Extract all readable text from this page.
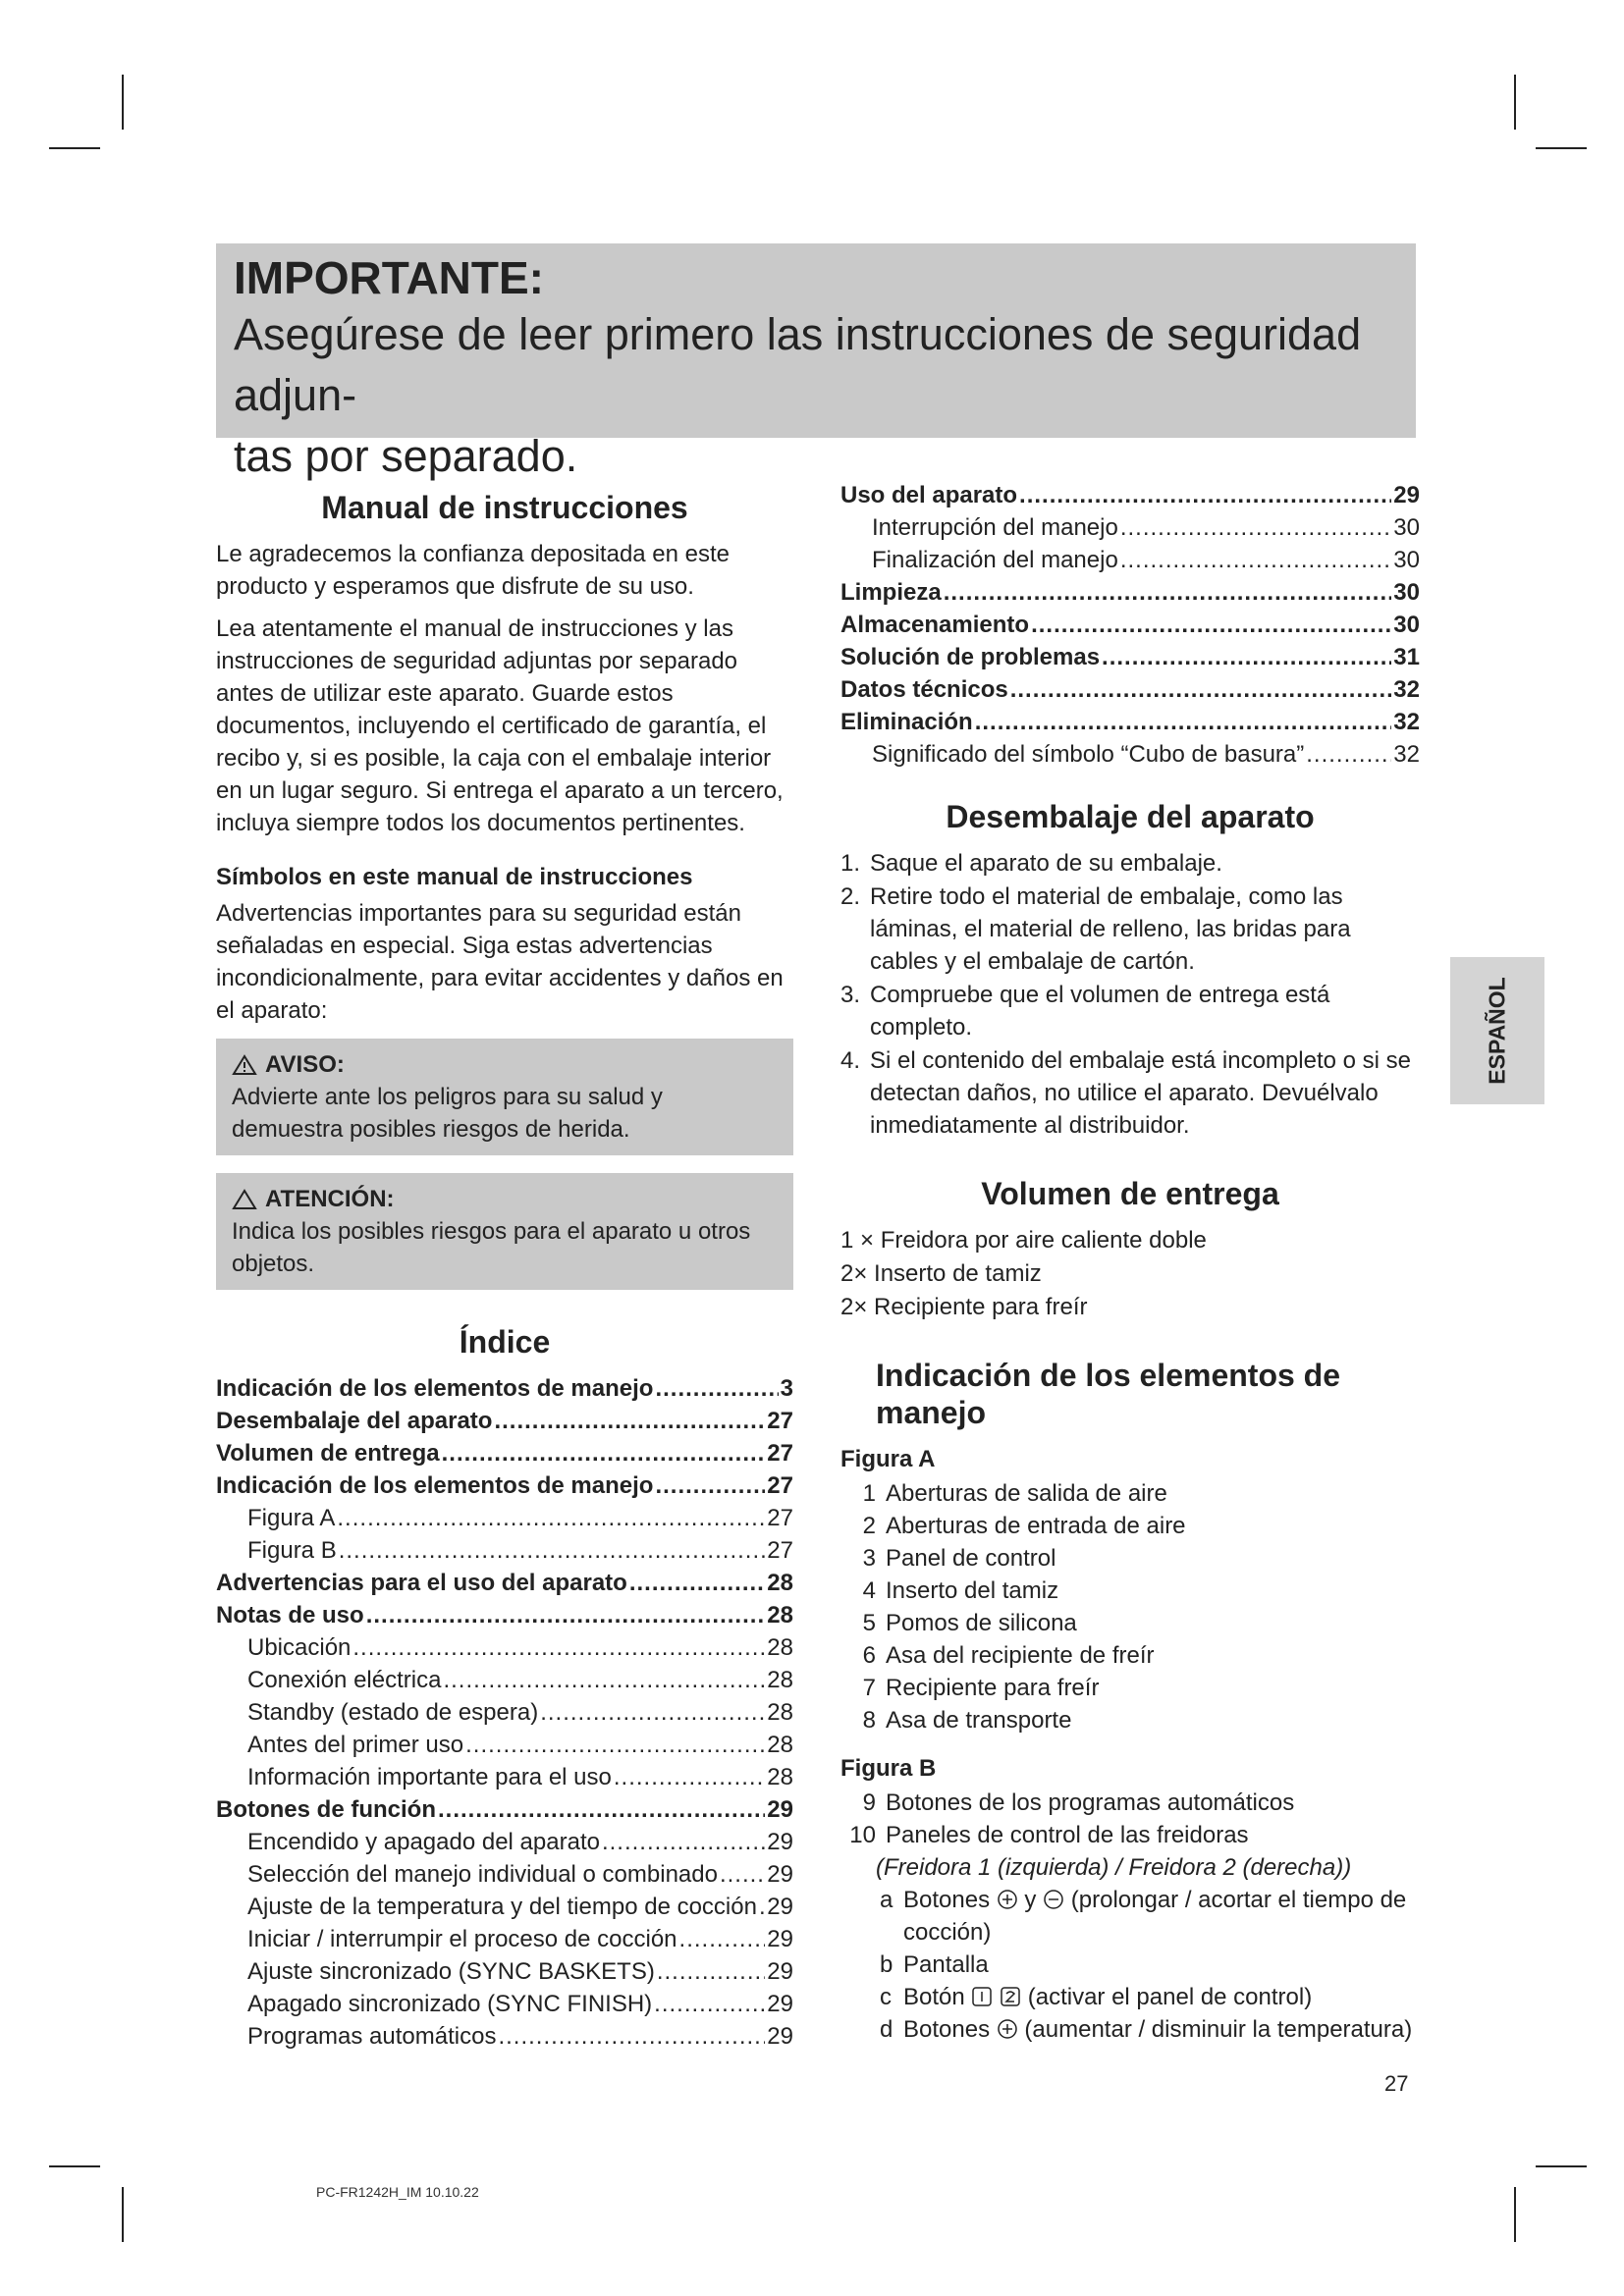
IMPORTANTE:
Asegúrese de leer primero las instrucciones de seguridad adjun-
tas por separado.
Manual de instrucciones

Le agradecemos la confianza depositada en este producto y esperamos que disfrute de su uso.

Lea atentamente el manual de instrucciones y las instrucciones de seguridad adjuntas por separado antes de utilizar este aparato. Guarde estos documentos, incluyendo el certificado de garantía, el recibo y, si es posible, la caja con el embalaje interior en un lugar seguro. Si entrega el aparato a un tercero, incluya siempre todos los documentos pertinentes.

Símbolos en este manual de instrucciones

Advertencias importantes para su seguridad están señaladas en especial. Siga estas advertencias incondicionalmente, para evitar accidentes y daños en el aparato:

AVISO:
Advierte ante los peligros para su salud y demuestra posibles riesgos de herida.
ATENCIÓN:
Indica los posibles riesgos para el aparato u otros objetos.
Índice
Indicación de los elementos de manejo .....	3
Desembalaje del aparato .....	27
Volumen de entrega .....	27
Indicación de los elementos de manejo .....	27
Figura A .....	27
Figura B .....	27
Advertencias para el uso del aparato .....	28
Notas de uso .....	28
Ubicación .....	28
Conexión eléctrica .....	28
Standby (estado de espera) .....	28
Antes del primer uso .....	28
Información importante para el uso .....	28
Botones de función .....	29
Encendido y apagado del aparato .....	29
Selección del manejo individual o combinado ..... 29
Ajuste de la temperatura y del tiempo de cocción ..... 29
Iniciar / interrumpir el proceso de cocción .....	29
Ajuste sincronizado (SYNC BASKETS) .....	29
Apagado sincronizado (SYNC FINISH) .....	29
Programas automáticos .....	29
Uso del aparato .....	29
Interrupción del manejo .....	30
Finalización del manejo .....	30
Limpieza .....	30
Almacenamiento .....	30
Solución de problemas .....	31
Datos técnicos .....	32
Eliminación .....	32
Significado del símbolo “Cubo de basura” .....	32
Desembalaje del aparato
1. Saque el aparato de su embalaje.
2. Retire todo el material de embalaje, como las láminas, el material de relleno, las bridas para cables y el embalaje de cartón.
3. Compruebe que el volumen de entrega está completo.
4. Si el contenido del embalaje está incompleto o si se detectan daños, no utilice el aparato. Devuélvalo inmediatamente al distribuidor.
Volumen de entrega
1 × Freidora por aire caliente doble
2× Inserto de tamiz
2× Recipiente para freír
Indicación de los elementos de manejo
Figura A
1 Aberturas de salida de aire
2 Aberturas de entrada de aire
3 Panel de control
4 Inserto del tamiz
5 Pomos de silicona
6 Asa del recipiente de freír
7 Recipiente para freír
8 Asa de transporte
Figura B
9 Botones de los programas automáticos
10 Paneles de control de las freidoras
(Freidora 1 (izquierda) / Freidora 2 (derecha))
a Botones y (prolongar / acortar el tiempo de cocción)
b Pantalla
c Botón	(activar el panel de control)
d Botones (aumentar / disminuir la temperatura)
ESPAÑOL
27
PC-FR1242H_IM 10.10.22
